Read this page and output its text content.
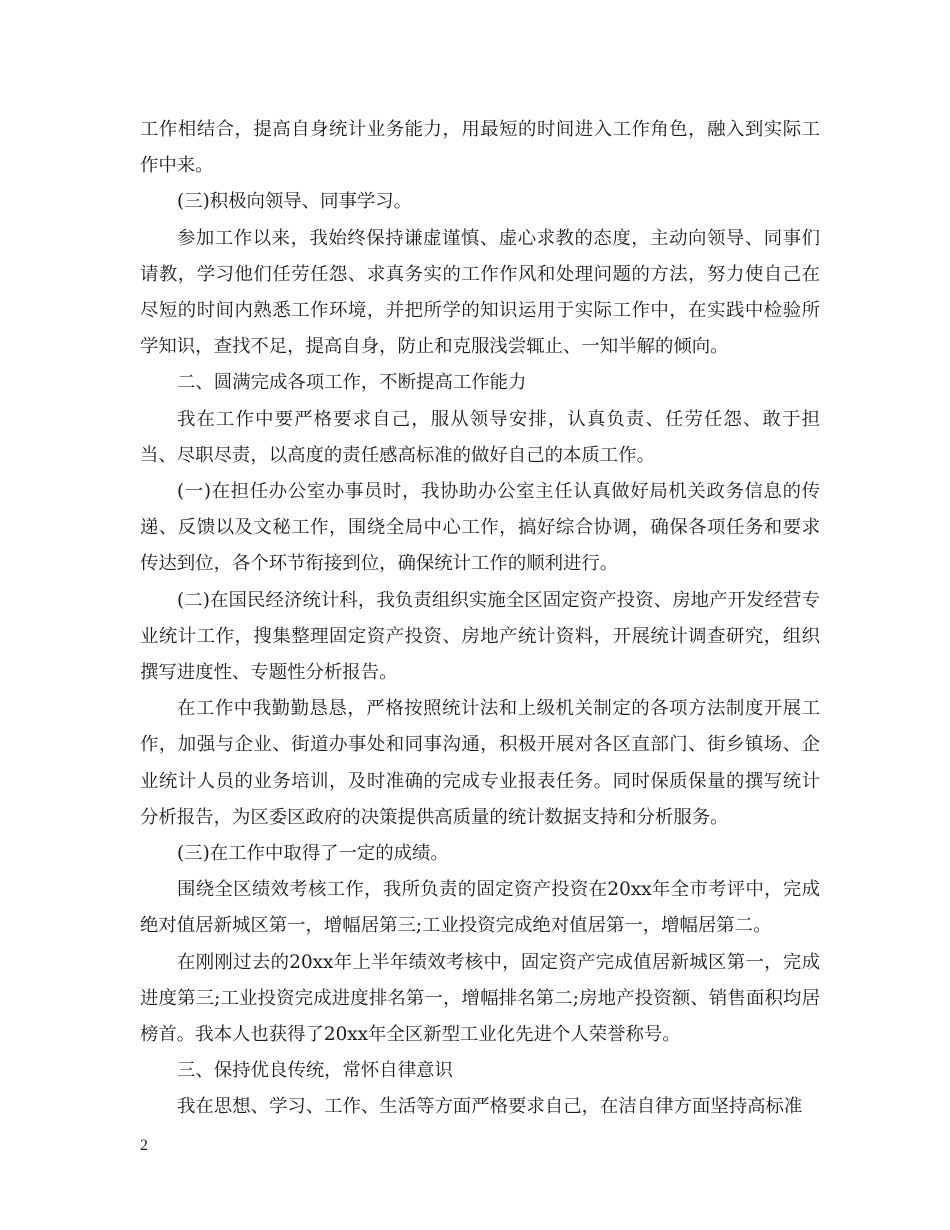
工作相结合，提高自身统计业务能力，用最短的时间进入工作角色，融入到实际工作中来。

(三)积极向领导、同事学习。

参加工作以来，我始终保持谦虚谨慎、虚心求教的态度，主动向领导、同事们请教，学习他们任劳任怨、求真务实的工作作风和处理问题的方法，努力使自己在尽短的时间内熟悉工作环境，并把所学的知识运用于实际工作中，在实践中检验所学知识，查找不足，提高自身，防止和克服浅尝辄止、一知半解的倾向。

二、圆满完成各项工作，不断提高工作能力

我在工作中要严格要求自己，服从领导安排，认真负责、任劳任怨、敢于担当、尽职尽责，以高度的责任感高标准的做好自己的本质工作。

(一)在担任办公室办事员时，我协助办公室主任认真做好局机关政务信息的传递、反馈以及文秘工作，围绕全局中心工作，搞好综合协调，确保各项任务和要求传达到位，各个环节衔接到位，确保统计工作的顺利进行。

(二)在国民经济统计科，我负责组织实施全区固定资产投资、房地产开发经营专业统计工作，搜集整理固定资产投资、房地产统计资料，开展统计调查研究，组织撰写进度性、专题性分析报告。

在工作中我勤勤恳恳，严格按照统计法和上级机关制定的各项方法制度开展工作，加强与企业、街道办事处和同事沟通，积极开展对各区直部门、街乡镇场、企业统计人员的业务培训，及时准确的完成专业报表任务。同时保质保量的撰写统计分析报告，为区委区政府的决策提供高质量的统计数据支持和分析服务。

(三)在工作中取得了一定的成绩。

围绕全区绩效考核工作，我所负责的固定资产投资在20xx年全市考评中，完成绝对值居新城区第一，增幅居第三;工业投资完成绝对值居第一，增幅居第二。

在刚刚过去的20xx年上半年绩效考核中，固定资产完成值居新城区第一，完成进度第三;工业投资完成进度排名第一，增幅排名第二;房地产投资额、销售面积均居榜首。我本人也获得了20xx年全区新型工业化先进个人荣誉称号。

三、保持优良传统，常怀自律意识

我在思想、学习、工作、生活等方面严格要求自己，在洁自律方面坚持高标准

2
